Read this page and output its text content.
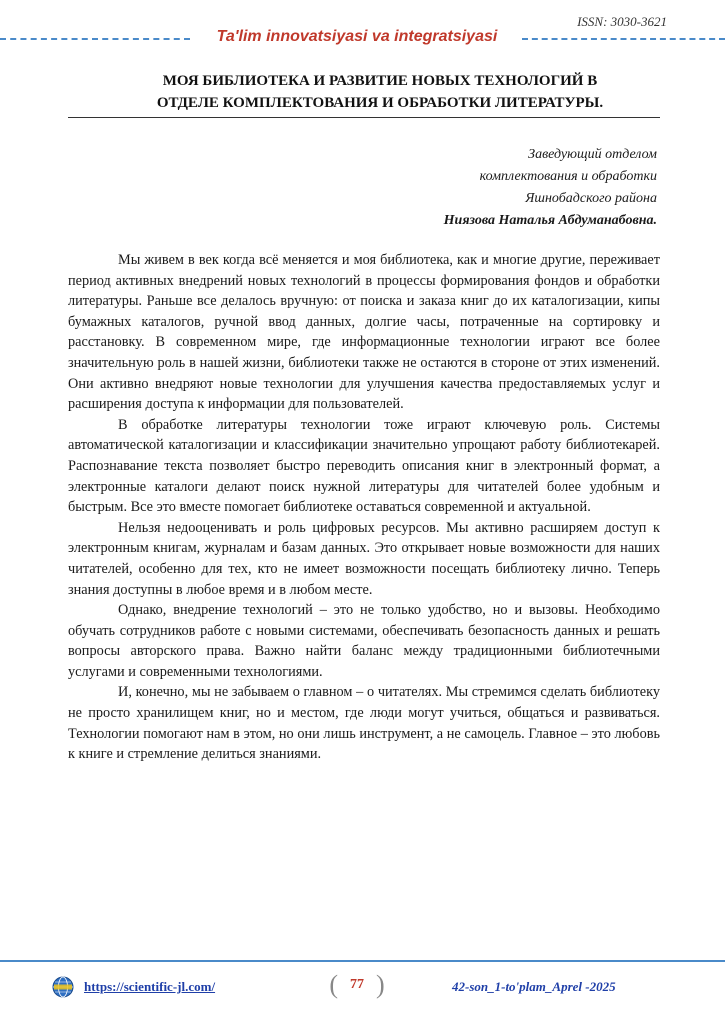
ISSN: 3030-3621
Ta'lim innovatsiyasi va integratsiyasi
МОЯ БИБЛИОТЕКА И РАЗВИТИЕ НОВЫХ ТЕХНОЛОГИЙ В
ОТДЕЛЕ КОМПЛЕКТОВАНИЯ И ОБРАБОТКИ ЛИТЕРАТУРЫ.
Заведующий отделом
комплектования и обработки
Яшнобадского района
Ниязова Наталья Абдуманабовна.

Мы живем в век когда всё меняется и моя библиотека, как и многие другие, переживает период активных внедрений новых технологий в процессы формирования фондов и обработки литературы. Раньше все делалось вручную: от поиска и заказа книг до их каталогизации, кипы бумажных каталогов, ручной ввод данных, долгие часы, потраченные на сортировку и расстановку. В современном мире, где информационные технологии играют все более значительную роль в нашей жизни, библиотеки также не остаются в стороне от этих изменений. Они активно внедряют новые технологии для улучшения качества предоставляемых услуг и расширения доступа к информации для пользователей.

В обработке литературы технологии тоже играют ключевую роль. Системы автоматической каталогизации и классификации значительно упрощают работу библиотекарей. Распознавание текста позволяет быстро переводить описания книг в электронный формат, а электронные каталоги делают поиск нужной литературы для читателей более удобным и быстрым. Все это вместе помогает библиотеке оставаться современной и актуальной.

Нельзя недооценивать и роль цифровых ресурсов. Мы активно расширяем доступ к электронным книгам, журналам и базам данных. Это открывает новые возможности для наших читателей, особенно для тех, кто не имеет возможности посещать библиотеку лично. Теперь знания доступны в любое время и в любом месте.

Однако, внедрение технологий – это не только удобство, но и вызовы. Необходимо обучать сотрудников работе с новыми системами, обеспечивать безопасность данных и решать вопросы авторского права. Важно найти баланс между традиционными библиотечными услугами и современными технологиями.

И, конечно, мы не забываем о главном – о читателях. Мы стремимся сделать библиотеку не просто хранилищем книг, но и местом, где люди могут учиться, общаться и развиваться. Технологии помогают нам в этом, но они лишь инструмент, а не самоцель. Главное – это любовь к книге и стремление делиться знаниями.

https://scientific-jl.com/	( 77 )	42-son_1-to'plam_Aprel -2025
